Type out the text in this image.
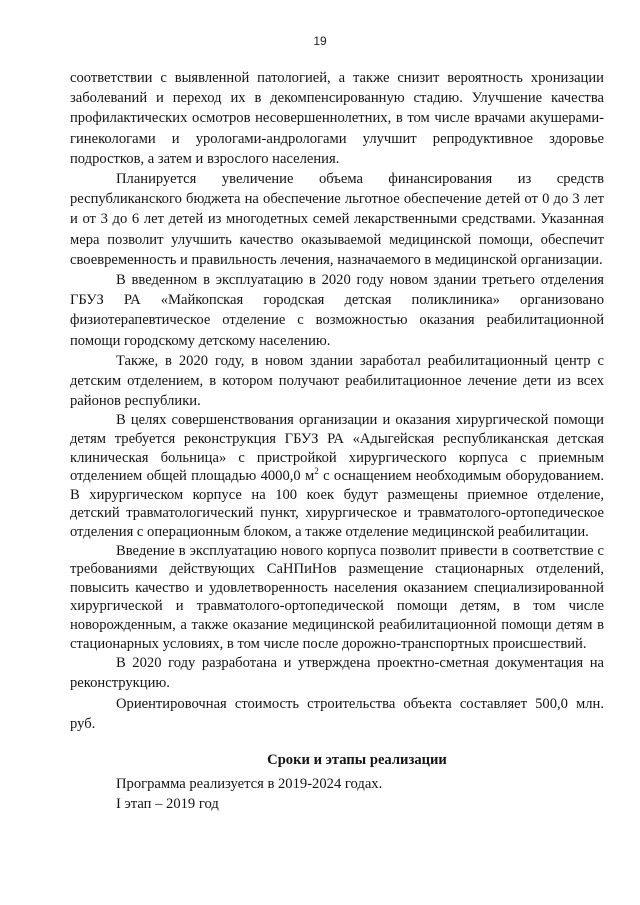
19

соответствии с выявленной патологией, а также снизит вероятность хронизации заболеваний и переход их в декомпенсированную стадию. Улучшение качества профилактических осмотров несовершеннолетних, в том числе врачами акушерами-гинекологами и урологами-андрологами улучшит репродуктивное здоровье подростков, а затем и взрослого населения.

Планируется увеличение объема финансирования из средств республиканского бюджета на обеспечение льготное обеспечение детей от 0 до 3 лет и от 3 до 6 лет детей из многодетных семей лекарственными средствами. Указанная мера позволит улучшить качество оказываемой медицинской помощи, обеспечит своевременность и правильность лечения, назначаемого в медицинской организации.

В введенном в эксплуатацию в 2020 году новом здании третьего отделения ГБУЗ РА «Майкопская городская детская поликлиника» организовано физиотерапевтическое отделение с возможностью оказания реабилитационной помощи городскому детскому населению.

Также, в 2020 году, в новом здании заработал реабилитационный центр с детским отделением, в котором получают реабилитационное лечение дети из всех районов республики.

В целях совершенствования организации и оказания хирургической помощи детям требуется реконструкция ГБУЗ РА «Адыгейская республиканская детская клиническая больница» с пристройкой хирургического корпуса с приемным отделением общей площадью 4000,0 $м^2$ с оснащением необходимым оборудованием. В хирургическом корпусе на 100 коек будут размещены приемное отделение, детский травматологический пункт, хирургическое и травматолого-ортопедическое отделения с операционным блоком, а также отделение медицинской реабилитации.

Введение в эксплуатацию нового корпуса позволит привести в соответствие с требованиями действующих СаНПиНов размещение стационарных отделений, повысить качество и удовлетворенность населения оказанием специализированной хирургической и травматолого-ортопедической помощи детям, в том числе новорожденным, а также оказание медицинской реабилитационной помощи детям в стационарных условиях, в том числе после дорожно-транспортных происшествий.

В 2020 году разработана и утверждена проектно-сметная документация на реконструкцию.

Ориентировочная стоимость строительства объекта составляет 500,0 млн. руб.

Сроки и этапы реализации

Программа реализуется в 2019-2024 годах.

I этап – 2019 год
